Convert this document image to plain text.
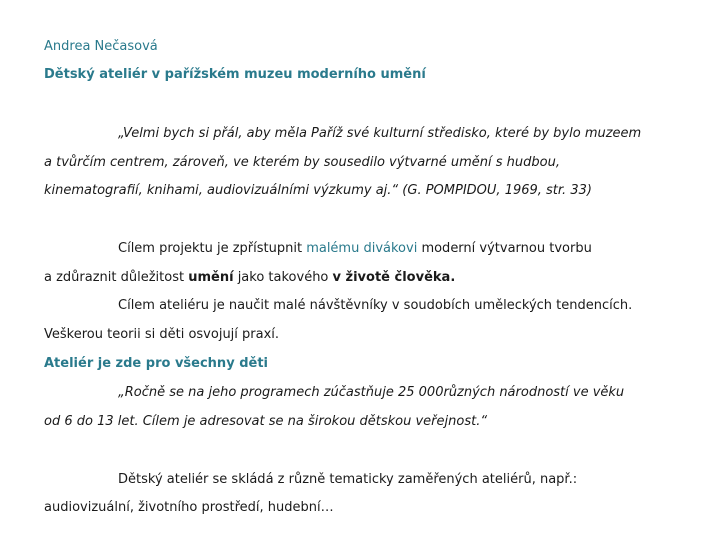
Andrea Nečasová
Dětský ateliér v pařížském muzeu moderního umění
„Velmi bych si přál, aby měla Paříž své kulturní středisko, které by bylo muzeem
a tvůrčím centrem, zároveň, ve kterém by sousedilo výtvarné umění s hudbou,
kinematografií, knihami, audiovizuálními výzkumy aj.“ (G. POMPIDOU, 1969, str. 33)
Cílem projektu je zpřístupnit malému divákovi moderní výtvarnou tvorbu
a zdůraznit důležitost umění jako takového v životě člověka.
Cílem ateliéru je naučit malé návštěvníky v soudobích uměleckých tendencích.
Veškerou teorii si děti osvojují praxí.
Ateliér je zde pro všechny děti
„Ročně se na jeho programech zúčastňuje 25 000různých národností ve věku
od 6 do 13 let. Cílem je adresovat se na širokou dětskou veřejnost.“
Dětský ateliér se skládá z různě tematicky zaměřených ateliérů, např.:
audiovizuální, životního prostředí, hudební…
